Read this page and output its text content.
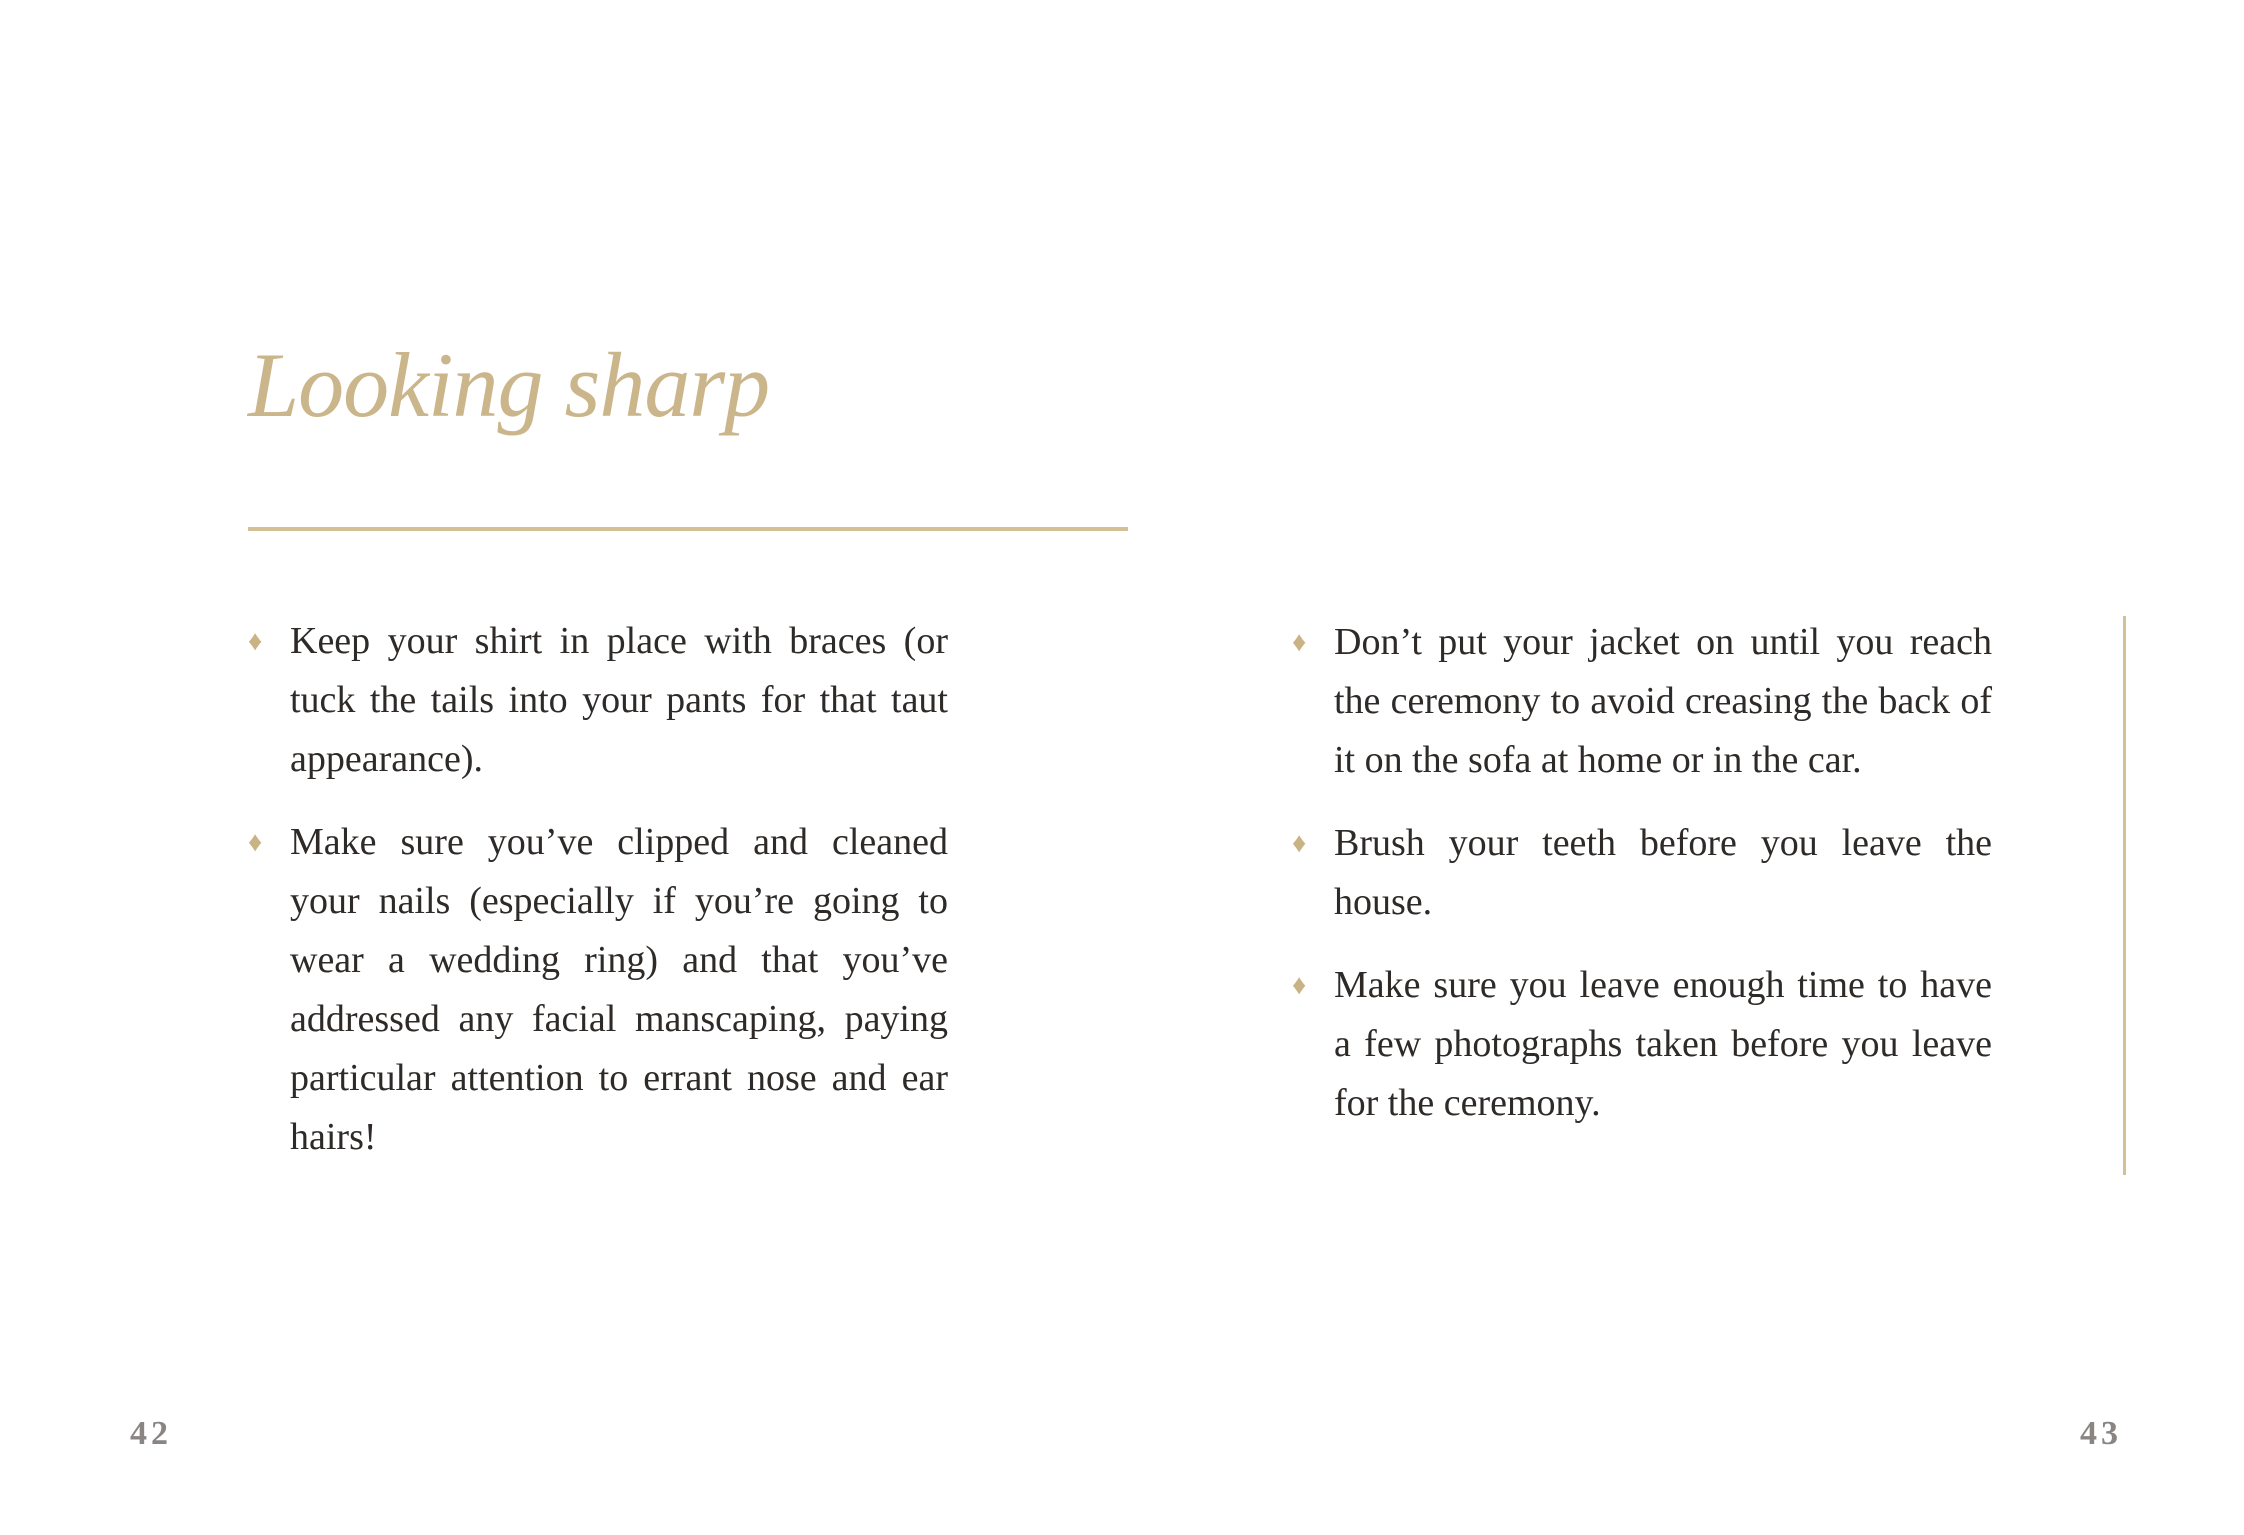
Looking sharp
♦ Keep your shirt in place with braces (or tuck the tails into your pants for that taut appearance).
♦ Make sure you’ve clipped and cleaned your nails (especially if you’re going to wear a wedding ring) and that you’ve addressed any facial manscaping, paying particular attention to errant nose and ear hairs!
♦ Don’t put your jacket on until you reach the ceremony to avoid creasing the back of it on the sofa at home or in the car.
♦ Brush your teeth before you leave the house.
♦ Make sure you leave enough time to have a few photographs taken before you leave for the ceremony.
42	43
